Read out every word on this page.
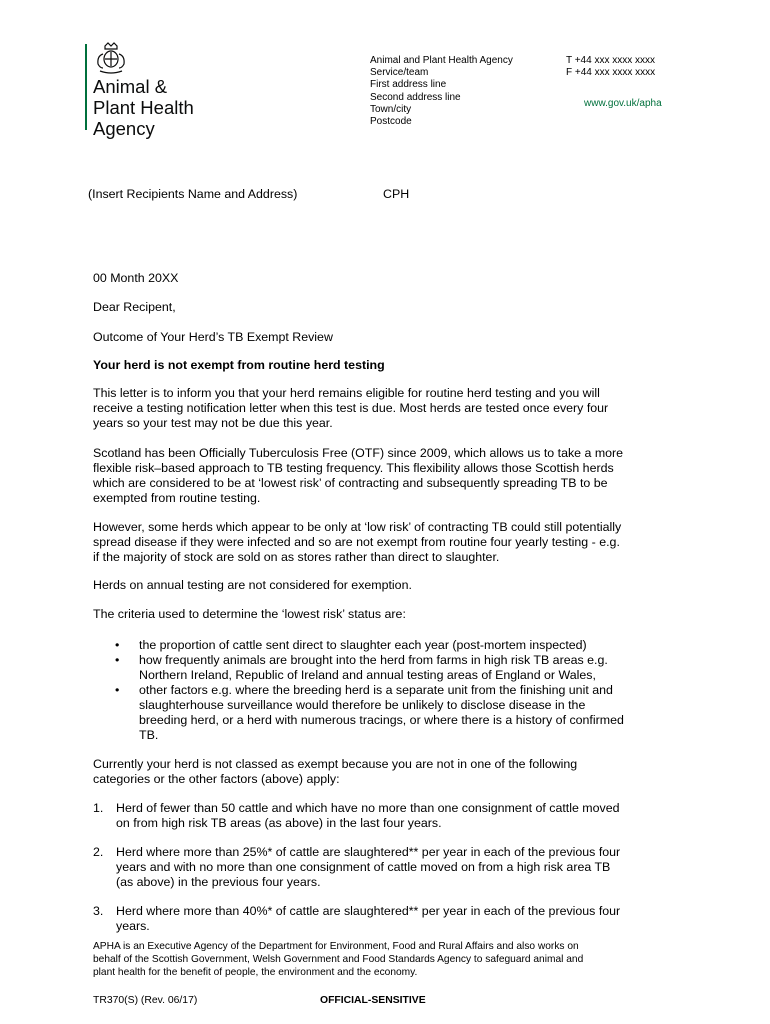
Animal &
Plant Health
Agency
Animal and Plant Health Agency
Service/team
First address line
Second address line
Town/city
Postcode
T +44 xxx xxxx xxxx
F +44 xxx xxxx xxxx
www.gov.uk/apha
(Insert Recipients Name and Address)	CPH
00 Month 20XX
Dear Recipent,
Outcome of Your Herd’s TB Exempt Review
Your herd is not exempt from routine herd testing
This letter is to inform you that your herd remains eligible for routine herd testing and you will
receive a testing notification letter when this test is due. Most herds are tested once every four
years so your test may not be due this year.
Scotland has been Officially Tuberculosis Free (OTF) since 2009, which allows us to take a more
flexible risk–based approach to TB testing frequency. This flexibility allows those Scottish herds
which are considered to be at ‘lowest risk’ of contracting and subsequently spreading TB to be
exempted from routine testing.
However, some herds which appear to be only at ‘low risk’ of contracting TB could still potentially
spread disease if they were infected and so are not exempt from routine four yearly testing - e.g.
if the majority of stock are sold on as stores rather than direct to slaughter.
Herds on annual testing are not considered for exemption.
The criteria used to determine the ‘lowest risk’ status are:
• the proportion of cattle sent direct to slaughter each year (post-mortem inspected)
• how frequently animals are brought into the herd from farms in high risk TB areas e.g.
Northern Ireland, Republic of Ireland and annual testing areas of England or Wales,
• other factors e.g. where the breeding herd is a separate unit from the finishing unit and
slaughterhouse surveillance would therefore be unlikely to disclose disease in the
breeding herd, or a herd with numerous tracings, or where there is a history of confirmed
TB.
Currently your herd is not classed as exempt because you are not in one of the following
categories or the other factors (above) apply:
1. Herd of fewer than 50 cattle and which have no more than one consignment of cattle moved
on from high risk TB areas (as above) in the last four years.
2. Herd where more than 25%* of cattle are slaughtered** per year in each of the previous four
years and with no more than one consignment of cattle moved on from a high risk area TB
(as above) in the previous four years.
3. Herd where more than 40%* of cattle are slaughtered** per year in each of the previous four
years.
APHA is an Executive Agency of the Department for Environment, Food and Rural Affairs and also works on
behalf of the Scottish Government, Welsh Government and Food Standards Agency to safeguard animal and
plant health for the benefit of people, the environment and the economy.
TR370(S) (Rev. 06/17)	OFFICIAL-SENSITIVE
